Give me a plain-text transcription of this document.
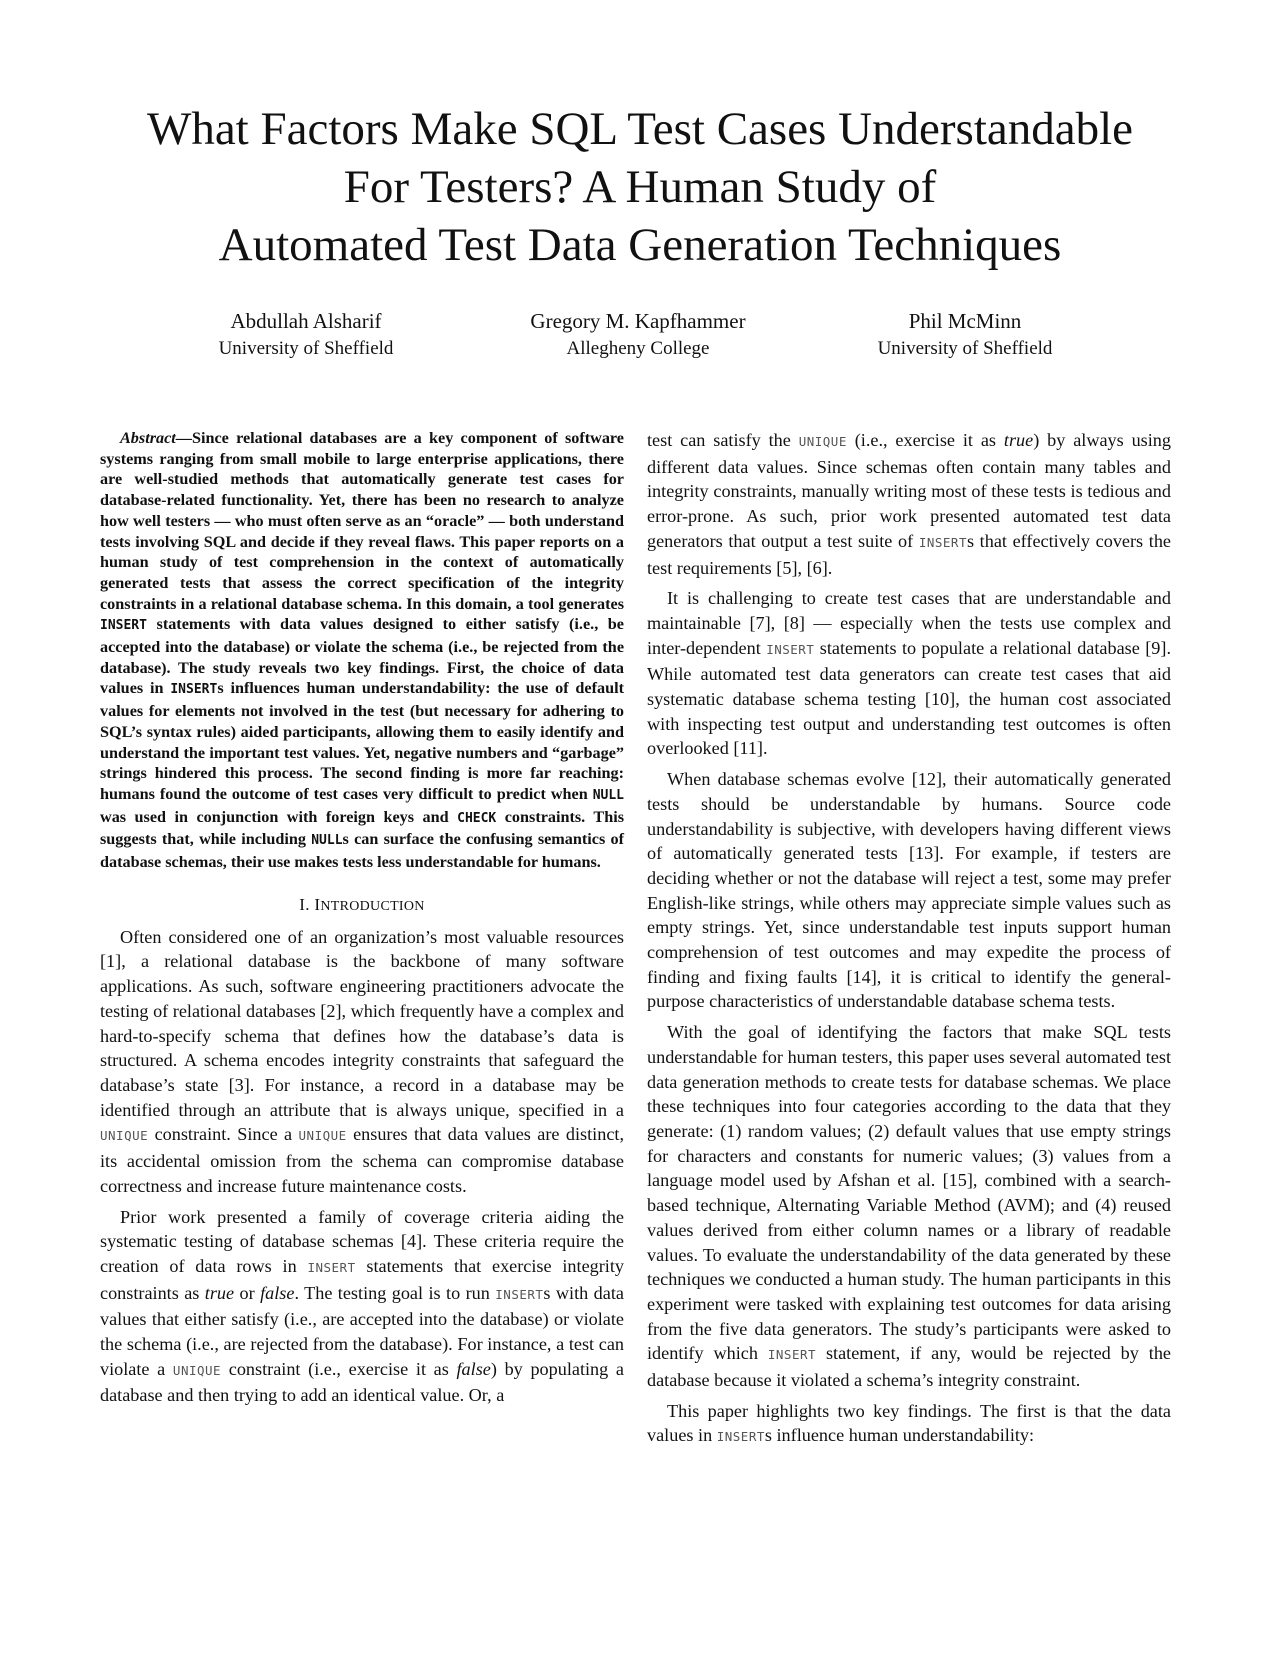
What Factors Make SQL Test Cases Understandable
For Testers? A Human Study of
Automated Test Data Generation Techniques
Abdullah Alsharif
University of Sheffield
Gregory M. Kapfhammer
Allegheny College
Phil McMinn
University of Sheffield

Abstract—Since relational databases are a key component of software systems ranging from small mobile to large enterprise applications, there are well-studied methods that automatically generate test cases for database-related functionality. Yet, there has been no research to analyze how well testers — who must often serve as an “oracle” — both understand tests involving SQL and decide if they reveal flaws. This paper reports on a human study of test comprehension in the context of automatically generated tests that assess the correct specification of the integrity constraints in a relational database schema. In this domain, a tool generates INSERT statements with data values designed to either satisfy (i.e., be accepted into the database) or violate the schema (i.e., be rejected from the database). The study reveals two key findings. First, the choice of data values in INSERTs influences human understandability: the use of default values for elements not involved in the test (but necessary for adhering to SQL’s syntax rules) aided participants, allowing them to easily identify and understand the important test values. Yet, negative numbers and “garbage” strings hindered this process. The second finding is more far reaching: humans found the outcome of test cases very difficult to predict when NULL was used in conjunction with foreign keys and CHECK constraints. This suggests that, while including NULLs can surface the confusing semantics of database schemas, their use makes tests less understandable for humans.

I. INTRODUCTION

Often considered one of an organization’s most valuable resources [1], a relational database is the backbone of many software applications. As such, software engineering practitioners advocate the testing of relational databases [2], which frequently have a complex and hard-to-specify schema that defines how the database’s data is structured. A schema encodes integrity constraints that safeguard the database’s state [3]. For instance, a record in a database may be identified through an attribute that is always unique, specified in a UNIQUE constraint. Since a UNIQUE ensures that data values are distinct, its accidental omission from the schema can compromise database correctness and increase future maintenance costs.

Prior work presented a family of coverage criteria aiding the systematic testing of database schemas [4]. These criteria require the creation of data rows in INSERT statements that exercise integrity constraints as true or false. The testing goal is to run INSERTs with data values that either satisfy (i.e., are accepted into the database) or violate the schema (i.e., are rejected from the database). For instance, a test can violate a UNIQUE constraint (i.e., exercise it as false) by populating a database and then trying to add an identical value. Or, a

test can satisfy the UNIQUE (i.e., exercise it as true) by always using different data values. Since schemas often contain many tables and integrity constraints, manually writing most of these tests is tedious and error-prone. As such, prior work presented automated test data generators that output a test suite of INSERTs that effectively covers the test requirements [5], [6].

It is challenging to create test cases that are understandable and maintainable [7], [8] — especially when the tests use complex and inter-dependent INSERT statements to populate a relational database [9]. While automated test data generators can create test cases that aid systematic database schema testing [10], the human cost associated with inspecting test output and understanding test outcomes is often overlooked [11].

When database schemas evolve [12], their automatically generated tests should be understandable by humans. Source code understandability is subjective, with developers having different views of automatically generated tests [13]. For example, if testers are deciding whether or not the database will reject a test, some may prefer English-like strings, while others may appreciate simple values such as empty strings. Yet, since understandable test inputs support human comprehension of test outcomes and may expedite the process of finding and fixing faults [14], it is critical to identify the general-purpose characteristics of understandable database schema tests.

With the goal of identifying the factors that make SQL tests understandable for human testers, this paper uses several automated test data generation methods to create tests for database schemas. We place these techniques into four categories according to the data that they generate: (1) random values; (2) default values that use empty strings for characters and constants for numeric values; (3) values from a language model used by Afshan et al. [15], combined with a search-based technique, Alternating Variable Method (AVM); and (4) reused values derived from either column names or a library of readable values. To evaluate the understandability of the data generated by these techniques we conducted a human study. The human participants in this experiment were tasked with explaining test outcomes for data arising from the five data generators. The study’s participants were asked to identify which INSERT statement, if any, would be rejected by the database because it violated a schema’s integrity constraint.

This paper highlights two key findings. The first is that the data values in INSERTs influence human understandability:
